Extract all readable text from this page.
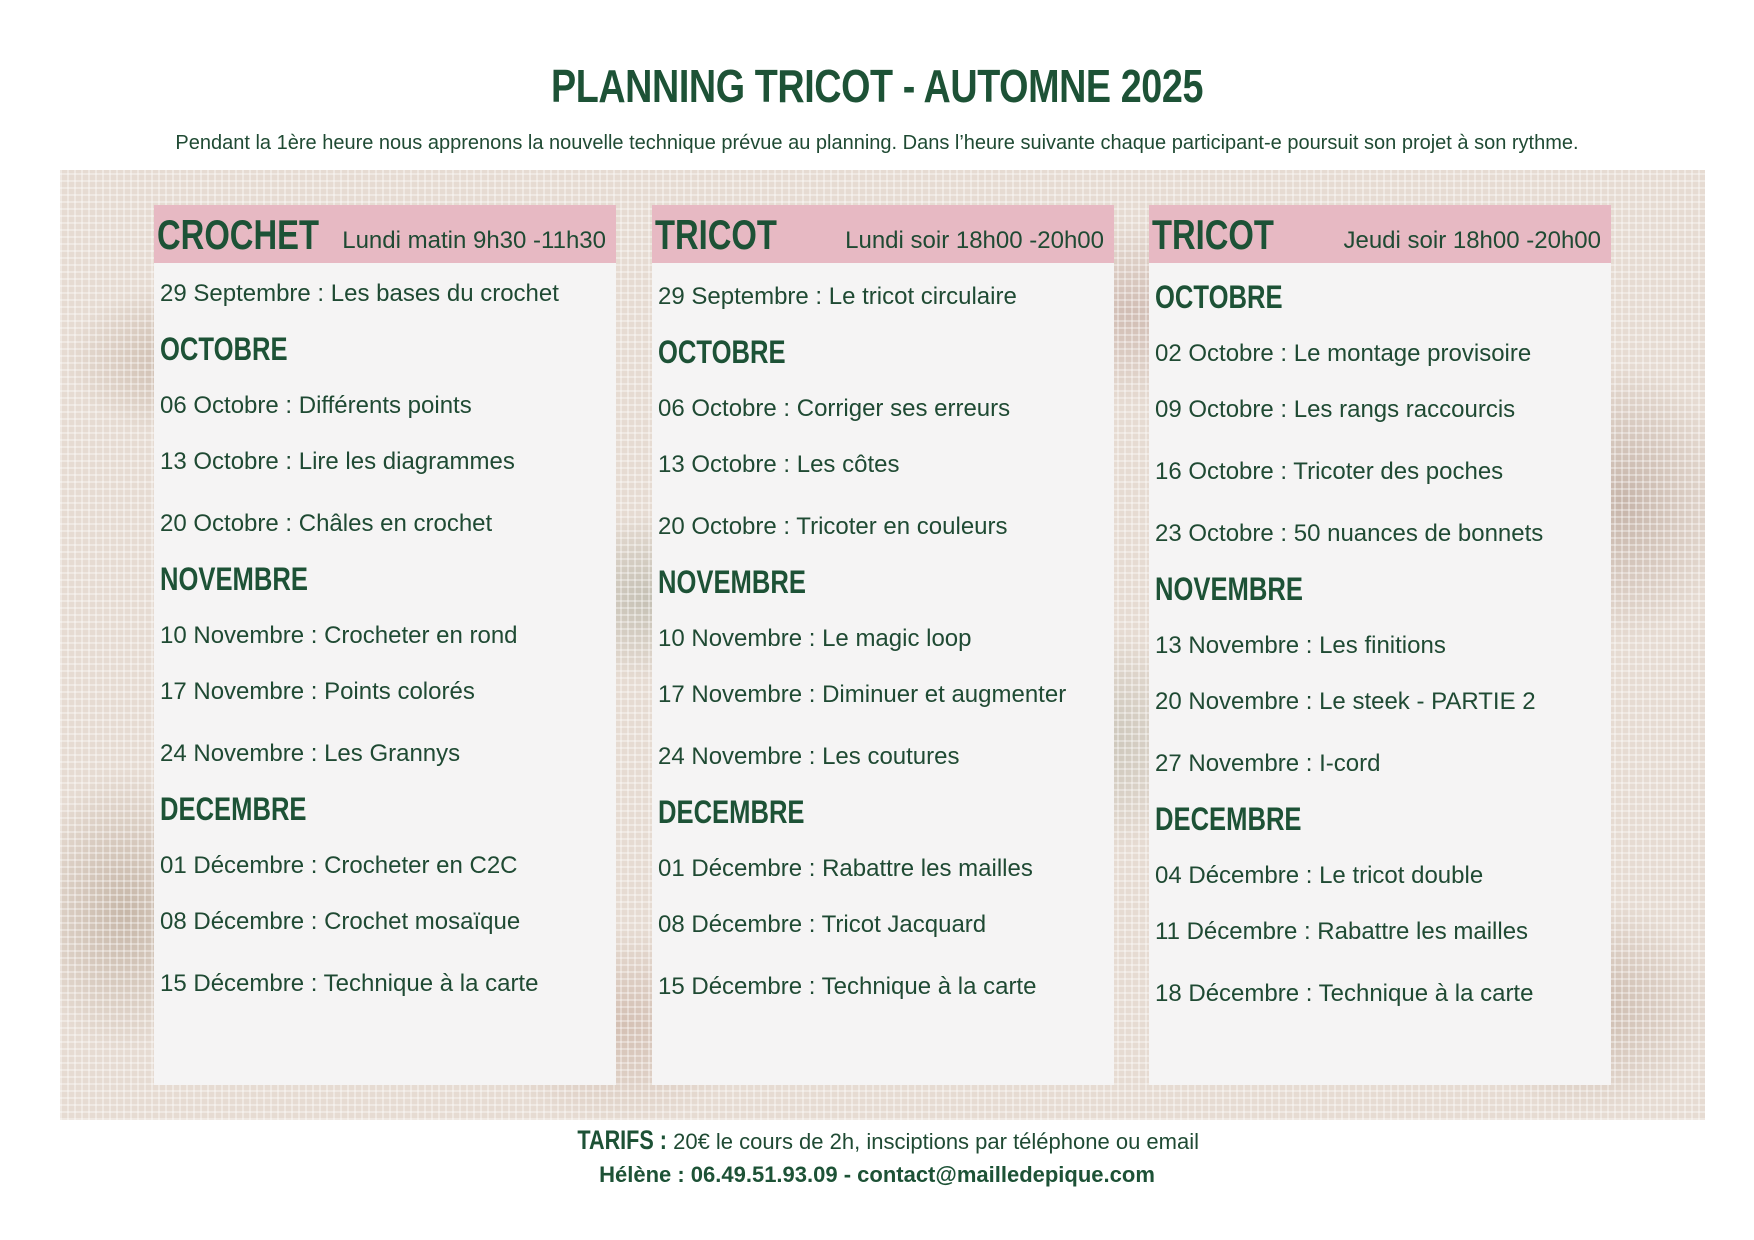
PLANNING TRICOT - AUTOMNE 2025
Pendant la 1ère heure nous apprenons la nouvelle technique prévue au planning. Dans l’heure suivante chaque participant-e poursuit son projet à son rythme.
CROCHET Lundi matin 9h30 -11h30

29 Septembre : Les bases du crochet

OCTOBRE

06 Octobre : Différents points

13 Octobre : Lire les diagrammes

20 Octobre : Châles en crochet

NOVEMBRE

10 Novembre : Crocheter en rond

17 Novembre : Points colorés

24 Novembre : Les Grannys

DECEMBRE

01 Décembre : Crocheter en C2C

08 Décembre : Crochet mosaïque

15 Décembre : Technique à la carte

TRICOT	Lundi soir 18h00 -20h00

29 Septembre : Le tricot circulaire

OCTOBRE

06 Octobre : Corriger ses erreurs

13 Octobre : Les côtes

20 Octobre : Tricoter en couleurs

NOVEMBRE

10 Novembre : Le magic loop

17 Novembre : Diminuer et augmenter

24 Novembre : Les coutures

DECEMBRE

01 Décembre : Rabattre les mailles

08 Décembre : Tricot Jacquard

15 Décembre : Technique à la carte

TRICOT	Jeudi soir 18h00 -20h00

OCTOBRE

02 Octobre : Le montage provisoire

09 Octobre : Les rangs raccourcis

16 Octobre : Tricoter des poches

23 Octobre : 50 nuances de bonnets

NOVEMBRE

13 Novembre : Les finitions

20 Novembre : Le steek - PARTIE 2

27 Novembre : I-cord

DECEMBRE

04 Décembre : Le tricot double

11 Décembre : Rabattre les mailles

18 Décembre : Technique à la carte

TARIFS : 20€ le cours de 2h, insciptions par téléphone ou email
Hélène : 06.49.51.93.09 - contact@mailledepique.com
